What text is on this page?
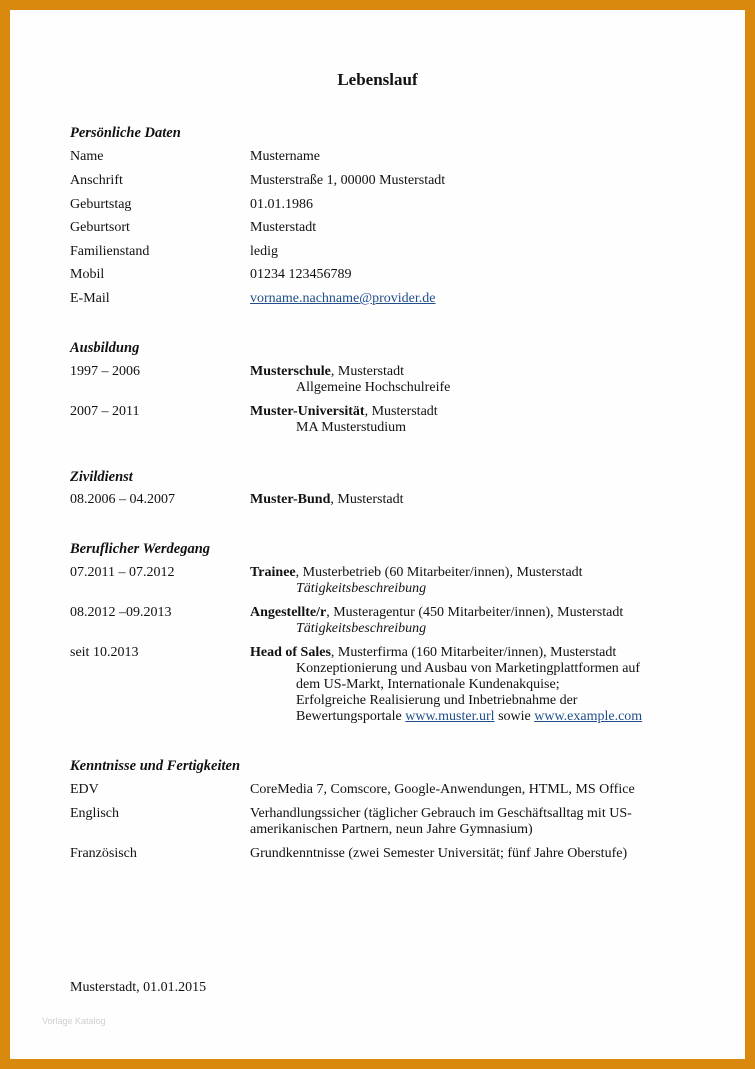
Lebenslauf
Persönliche Daten
Name	Mustername
Anschrift	Musterstraße 1, 00000 Musterstadt
Geburtstag	01.01.1986
Geburtsort	Musterstadt
Familienstand	ledig
Mobil	01234 123456789
E-Mail	vorname.nachname@provider.de
Ausbildung
1997 – 2006	Musterschule, Musterstadt
Allgemeine Hochschulreife
2007 – 2011	Muster-Universität, Musterstadt
MA Musterstudium
Zivildienst
08.2006 – 04.2007	Muster-Bund, Musterstadt
Beruflicher Werdegang
07.2011 – 07.2012	Trainee, Musterbetrieb (60 Mitarbeiter/innen), Musterstadt
Tätigkeitsbeschreibung
08.2012 –09.2013	Angestellte/r, Musteragentur (450 Mitarbeiter/innen), Musterstadt
Tätigkeitsbeschreibung
seit 10.2013	Head of Sales, Musterfirma (160 Mitarbeiter/innen), Musterstadt
Konzeptionierung und Ausbau von Marketingplattformen auf
dem US-Markt, Internationale Kundenakquise;
Erfolgreiche Realisierung und Inbetriebnahme der
Bewertungsportale www.muster.url sowie www.example.com
Kenntnisse und Fertigkeiten
EDV	CoreMedia 7, Comscore, Google-Anwendungen, HTML, MS Office
Englisch	Verhandlungssicher (täglicher Gebrauch im Geschäftsalltag mit US-
amerikanischen Partnern, neun Jahre Gymnasium)
Französisch	Grundkenntnisse (zwei Semester Universität; fünf Jahre Oberstufe)
Musterstadt, 01.01.2015
Vorlage Katalog
